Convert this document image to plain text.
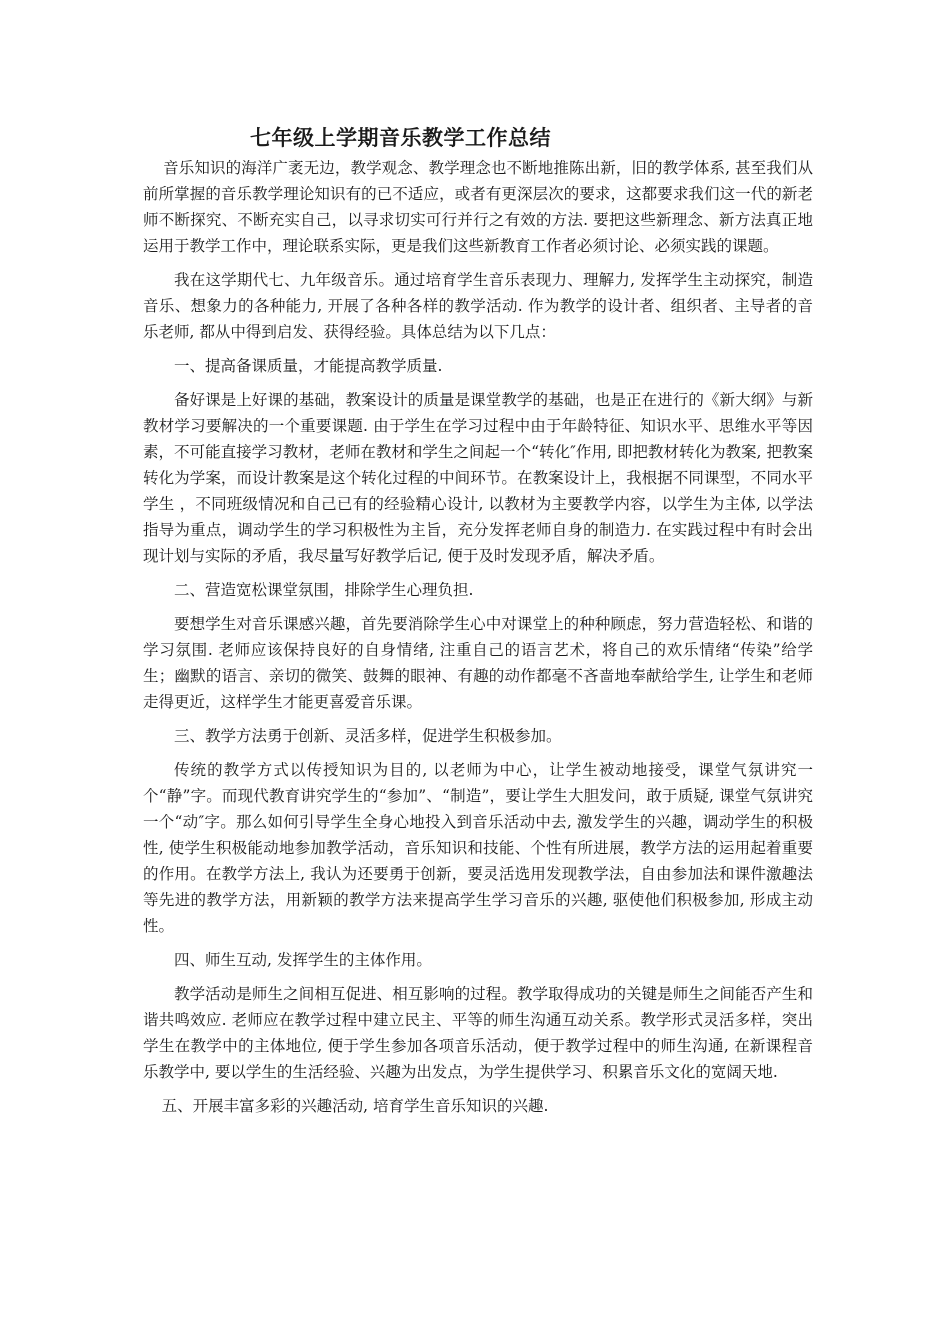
七年级上学期音乐教学工作总结

音乐知识的海洋广袤无边，教学观念、教学理念也不断地推陈出新，旧的教学体系, 甚至我们从前所掌握的音乐教学理论知识有的已不适应，或者有更深层次的要求，这都要求我们这一代的新老师不断探究、不断充实自己，以寻求切实可行并行之有效的方法. 要把这些新理念、新方法真正地运用于教学工作中，理论联系实际，更是我们这些新教育工作者必须讨论、必须实践的课题。

我在这学期代七、九年级音乐。通过培育学生音乐表现力、理解力, 发挥学生主动探究，制造音乐、想象力的各种能力, 开展了各种各样的教学活动. 作为教学的设计者、组织者、主导者的音乐老师, 都从中得到启发、获得经验。具体总结为以下几点：

一、提高备课质量，才能提高教学质量.

备好课是上好课的基础，教案设计的质量是课堂教学的基础，也是正在进行的《新大纲》与新教材学习要解决的一个重要课题. 由于学生在学习过程中由于年龄特征、知识水平、思维水平等因素，不可能直接学习教材，老师在教材和学生之间起一个“转化″作用, 即把教材转化为教案, 把教案转化为学案，而设计教案是这个转化过程的中间环节。在教案设计上，我根据不同课型，不同水平学生 ，不同班级情况和自己已有的经验精心设计, 以教材为主要教学内容，以学生为主体, 以学法指导为重点，调动学生的学习积极性为主旨，充分发挥老师自身的制造力. 在实践过程中有时会出现计划与实际的矛盾，我尽量写好教学后记, 便于及时发现矛盾，解决矛盾。

二、营造宽松课堂氛围，排除学生心理负担.

要想学生对音乐课感兴趣，首先要消除学生心中对课堂上的种种顾虑，努力营造轻松、和谐的学习氛围. 老师应该保持良好的自身情绪, 注重自己的语言艺术，将自己的欢乐情绪“传染”给学生；幽默的语言、亲切的微笑、鼓舞的眼神、有趣的动作都毫不吝啬地奉献给学生, 让学生和老师走得更近，这样学生才能更喜爱音乐课。

三、教学方法勇于创新、灵活多样，促进学生积极参加。

传统的教学方式以传授知识为目的, 以老师为中心，让学生被动地接受，课堂气氛讲究一个“静”字。而现代教育讲究学生的“参加”、“制造”，要让学生大胆发问，敢于质疑, 课堂气氛讲究一个“动″字。那么如何引导学生全身心地投入到音乐活动中去, 激发学生的兴趣，调动学生的积极性, 使学生积极能动地参加教学活动，音乐知识和技能、个性有所进展，教学方法的运用起着重要的作用。在教学方法上, 我认为还要勇于创新，要灵活选用发现教学法，自由参加法和课件激趣法等先进的教学方法，用新颖的教学方法来提高学生学习音乐的兴趣, 驱使他们积极参加, 形成主动性。

四、师生互动, 发挥学生的主体作用。

教学活动是师生之间相互促进、相互影响的过程。教学取得成功的关键是师生之间能否产生和谐共鸣效应. 老师应在教学过程中建立民主、平等的师生沟通互动关系。教学形式灵活多样，突出学生在教学中的主体地位, 便于学生参加各项音乐活动，便于教学过程中的师生沟通, 在新课程音乐教学中, 要以学生的生活经验、兴趣为出发点，为学生提供学习、积累音乐文化的宽阔天地.

五、开展丰富多彩的兴趣活动, 培育学生音乐知识的兴趣.
